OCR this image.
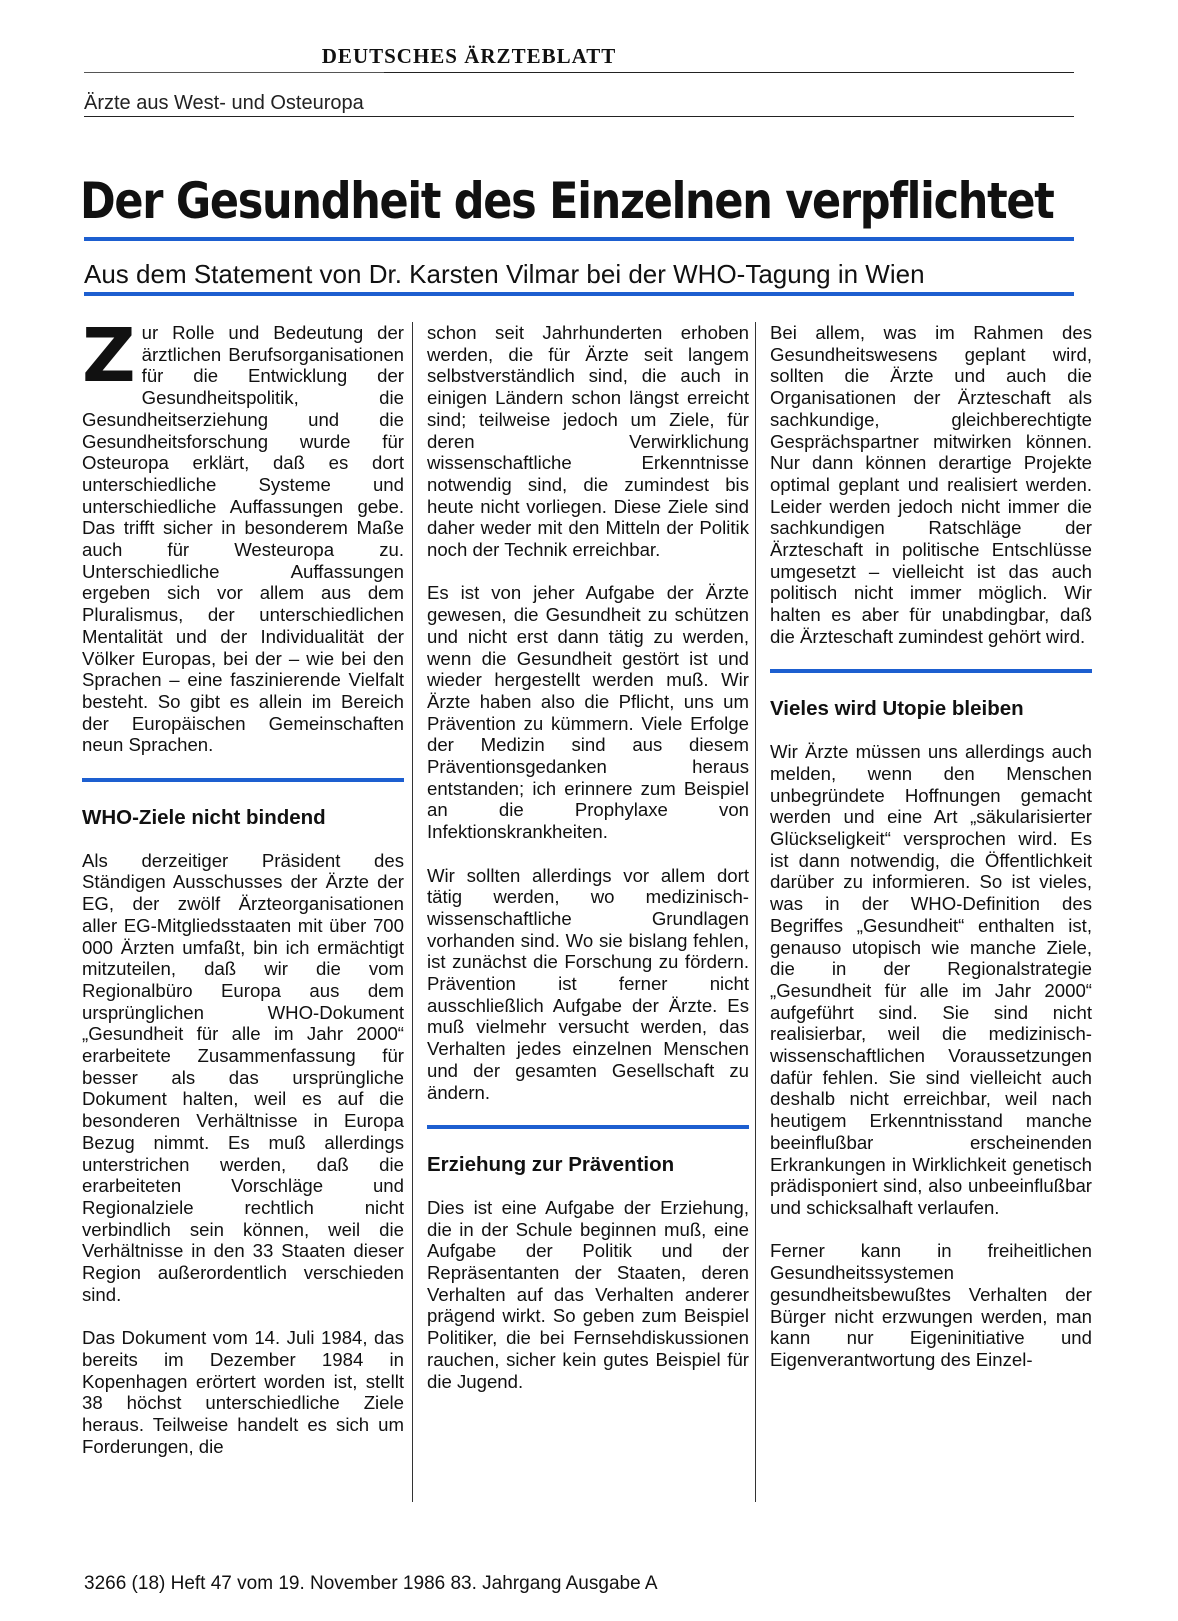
DEUTSCHES ÄRZTEBLATT
Ärzte aus West- und Osteuropa
Der Gesundheit des Einzelnen verpflichtet
Aus dem Statement von Dr. Karsten Vilmar bei der WHO-Tagung in Wien

Zur Rolle und Bedeutung der ärztlichen Berufsorganisationen für die Entwicklung der Gesundheitspolitik, die Gesundheitserziehung und die Gesundheitsforschung wurde für Osteuropa erklärt, daß es dort unterschiedliche Systeme und unterschiedliche Auffassungen gebe. Das trifft sicher in besonderem Maße auch für Westeuropa zu. Unterschiedliche Auffassungen ergeben sich vor allem aus dem Pluralismus, der unterschiedlichen Mentalität und der Individualität der Völker Europas, bei der – wie bei den Sprachen – eine faszinierende Vielfalt besteht. So gibt es allein im Bereich der Europäischen Gemeinschaften neun Sprachen.

WHO-Ziele nicht bindend

Als derzeitiger Präsident des Ständigen Ausschusses der Ärzte der EG, der zwölf Ärzteorganisationen aller EG-Mitgliedsstaaten mit über 700 000 Ärzten umfaßt, bin ich ermächtigt mitzuteilen, daß wir die vom Regionalbüro Europa aus dem ursprünglichen WHO-Dokument „Gesundheit für alle im Jahr 2000“ erarbeitete Zusammenfassung für besser als das ursprüngliche Dokument halten, weil es auf die besonderen Verhältnisse in Europa Bezug nimmt. Es muß allerdings unterstrichen werden, daß die erarbeiteten Vorschläge und Regionalziele rechtlich nicht verbindlich sein können, weil die Verhältnisse in den 33 Staaten dieser Region außerordentlich verschieden sind.

Das Dokument vom 14. Juli 1984, das bereits im Dezember 1984 in Kopenhagen erörtert worden ist, stellt 38 höchst unterschiedliche Ziele heraus. Teilweise handelt es sich um Forderungen, die

schon seit Jahrhunderten erhoben werden, die für Ärzte seit langem selbstverständlich sind, die auch in einigen Ländern schon längst erreicht sind; teilweise jedoch um Ziele, für deren Verwirklichung wissenschaftliche Erkenntnisse notwendig sind, die zumindest bis heute nicht vorliegen. Diese Ziele sind daher weder mit den Mitteln der Politik noch der Technik erreichbar.

Es ist von jeher Aufgabe der Ärzte gewesen, die Gesundheit zu schützen und nicht erst dann tätig zu werden, wenn die Gesundheit gestört ist und wieder hergestellt werden muß. Wir Ärzte haben also die Pflicht, uns um Prävention zu kümmern. Viele Erfolge der Medizin sind aus diesem Präventionsgedanken heraus entstanden; ich erinnere zum Beispiel an die Prophylaxe von Infektionskrankheiten.

Wir sollten allerdings vor allem dort tätig werden, wo medizinisch-wissenschaftliche Grundlagen vorhanden sind. Wo sie bislang fehlen, ist zunächst die Forschung zu fördern. Prävention ist ferner nicht ausschließlich Aufgabe der Ärzte. Es muß vielmehr versucht werden, das Verhalten jedes einzelnen Menschen und der gesamten Gesellschaft zu ändern.

Erziehung zur Prävention

Dies ist eine Aufgabe der Erziehung, die in der Schule beginnen muß, eine Aufgabe der Politik und der Repräsentanten der Staaten, deren Verhalten auf das Verhalten anderer prägend wirkt. So geben zum Beispiel Politiker, die bei Fernsehdiskussionen rauchen, sicher kein gutes Beispiel für die Jugend.

Bei allem, was im Rahmen des Gesundheitswesens geplant wird, sollten die Ärzte und auch die Organisationen der Ärzteschaft als sachkundige, gleichberechtigte Gesprächspartner mitwirken können. Nur dann können derartige Projekte optimal geplant und realisiert werden. Leider werden jedoch nicht immer die sachkundigen Ratschläge der Ärzteschaft in politische Entschlüsse umgesetzt – vielleicht ist das auch politisch nicht immer möglich. Wir halten es aber für unabdingbar, daß die Ärzteschaft zumindest gehört wird.

Vieles wird Utopie bleiben

Wir Ärzte müssen uns allerdings auch melden, wenn den Menschen unbegründete Hoffnungen gemacht werden und eine Art „säkularisierter Glückseligkeit“ versprochen wird. Es ist dann notwendig, die Öffentlichkeit darüber zu informieren. So ist vieles, was in der WHO-Definition des Begriffes „Gesundheit“ enthalten ist, genauso utopisch wie manche Ziele, die in der Regionalstrategie „Gesundheit für alle im Jahr 2000“ aufgeführt sind. Sie sind nicht realisierbar, weil die medizinisch-wissenschaftlichen Voraussetzungen dafür fehlen. Sie sind vielleicht auch deshalb nicht erreichbar, weil nach heutigem Erkenntnisstand manche beeinflußbar erscheinenden Erkrankungen in Wirklichkeit genetisch prädisponiert sind, also unbeeinflußbar und schicksalhaft verlaufen.

Ferner kann in freiheitlichen Gesundheitssystemen gesundheitsbewußtes Verhalten der Bürger nicht erzwungen werden, man kann nur Eigeninitiative und Eigenverantwortung des Einzel-

3266 (18) Heft 47 vom 19. November 1986 83. Jahrgang Ausgabe A
